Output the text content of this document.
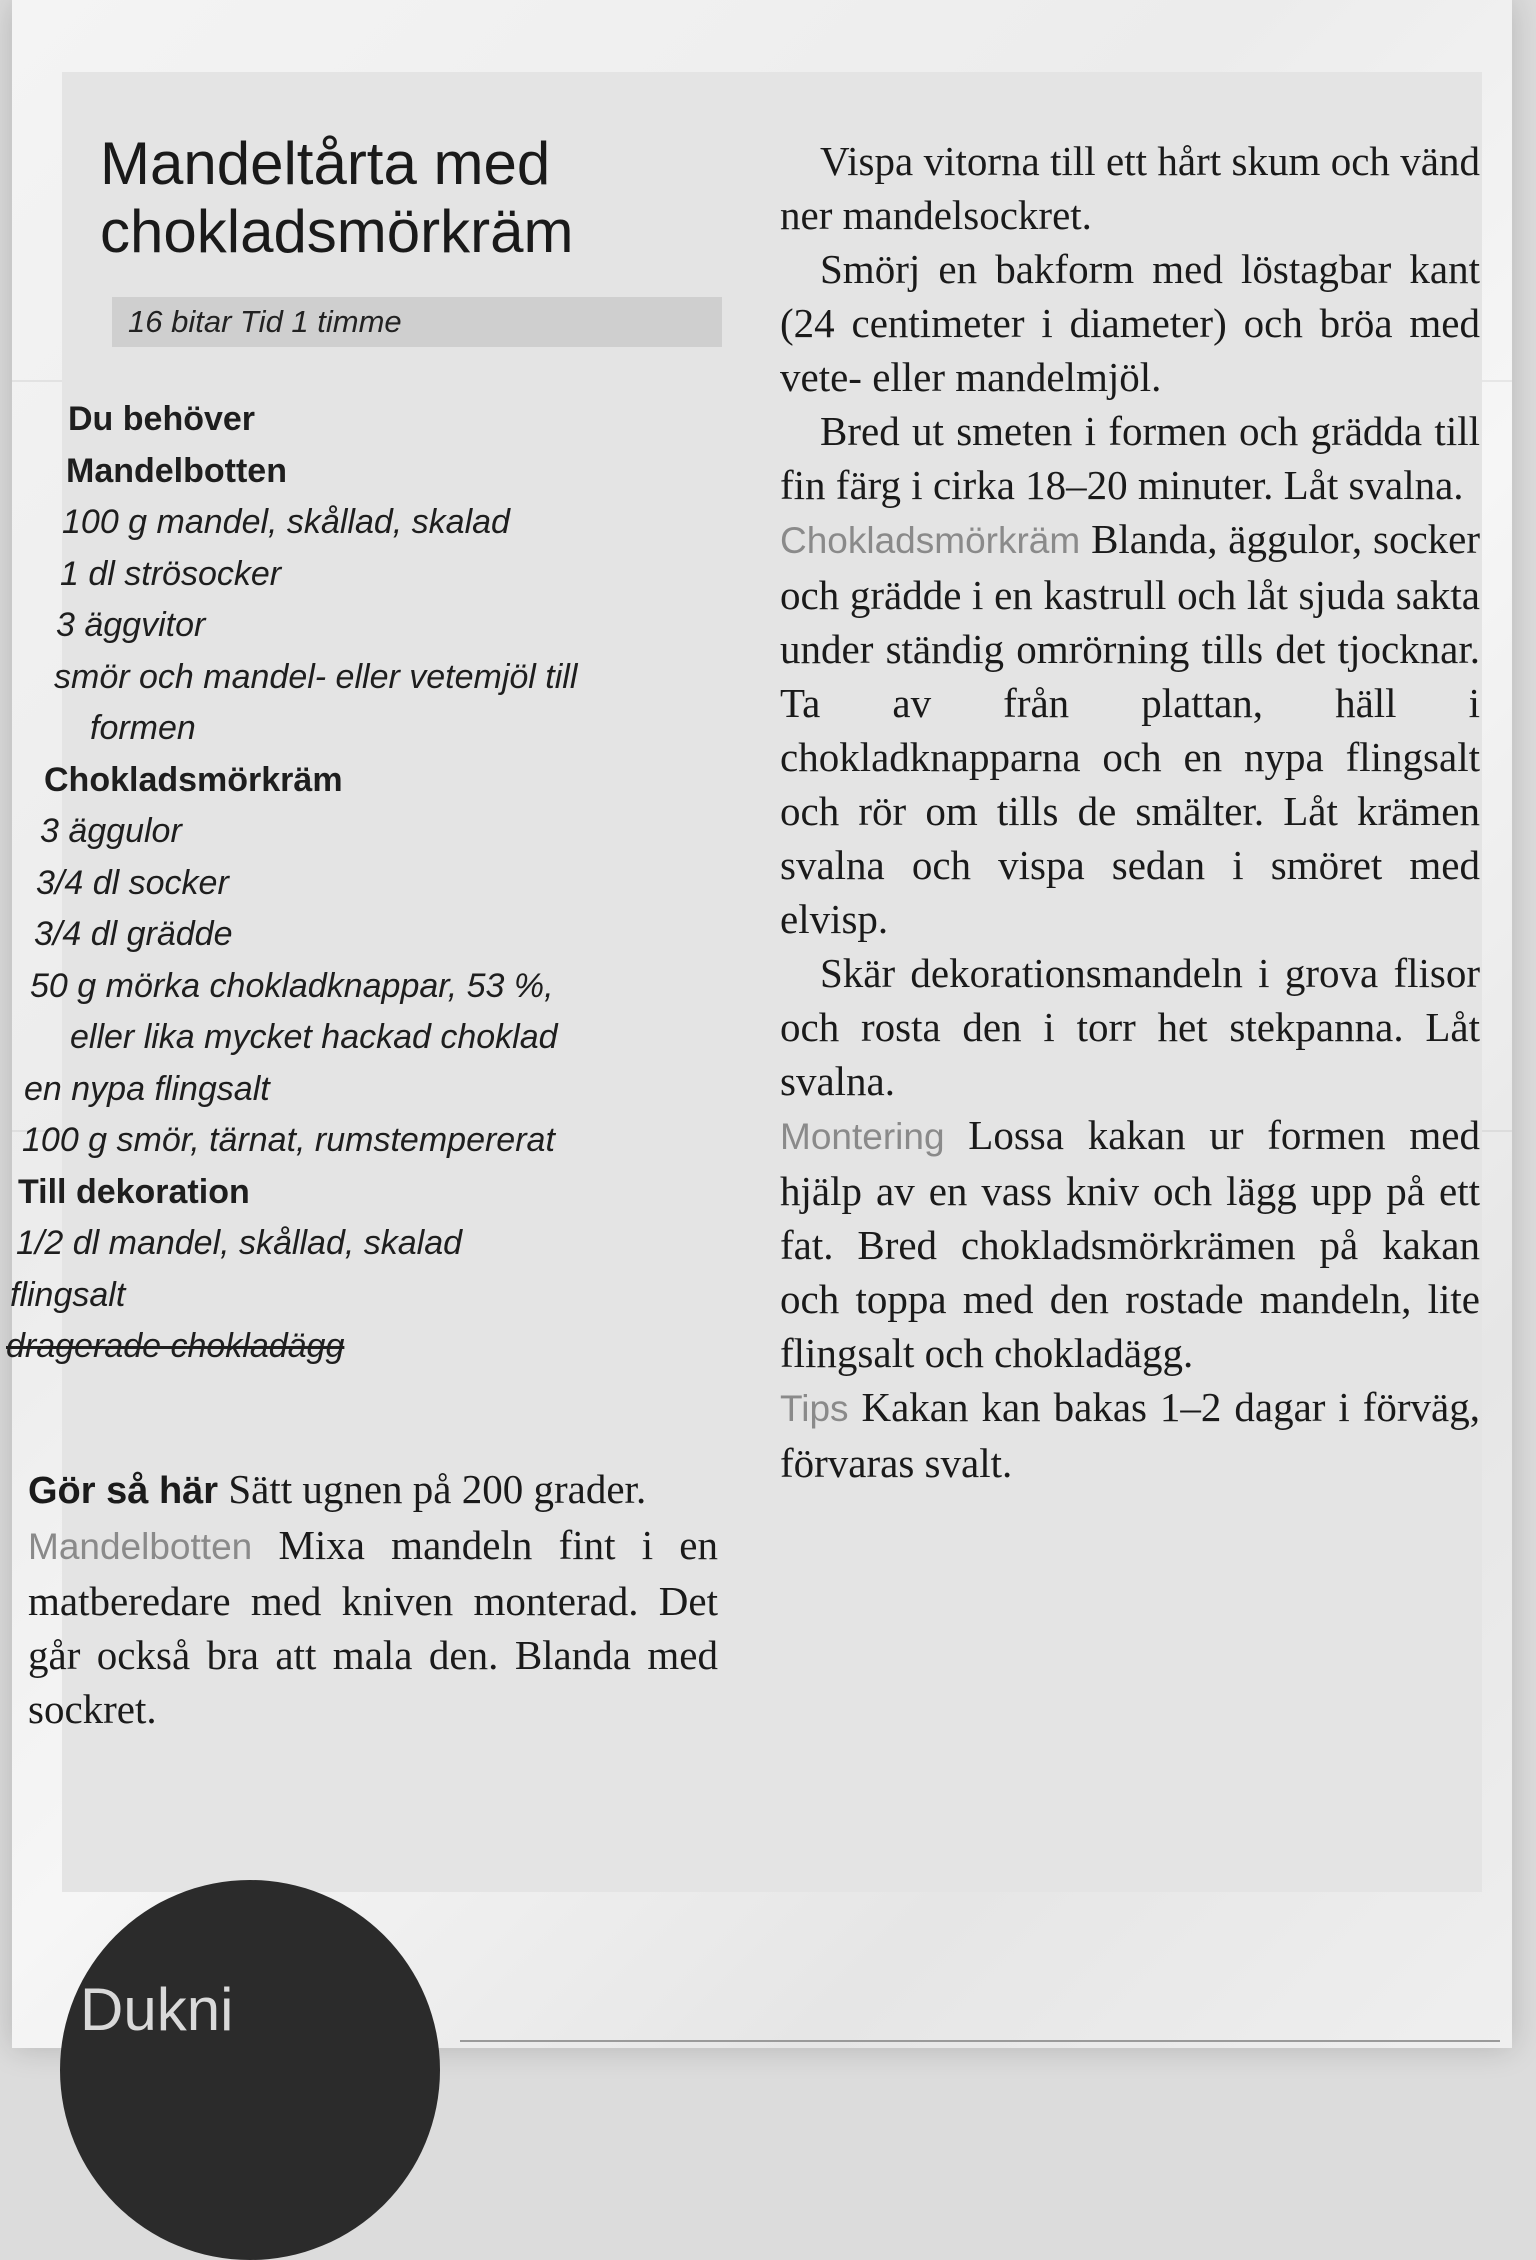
Mandeltårta med
chokladsmörkräm
16 bitar Tid 1 timme
Du behöver
Mandelbotten
100 g mandel, skållad, skalad
1 dl strösocker
3 äggvitor
smör och mandel- eller vetemjöl till
formen
Chokladsmörkräm
3 äggulor
3/4 dl socker
3/4 dl grädde
50 g mörka chokladknappar, 53 %,
eller lika mycket hackad choklad
en nypa flingsalt
100 g smör, tärnat, rumstempererat
Till dekoration
1/2 dl mandel, skållad, skalad
flingsalt
dragerade chokladägg

Gör så här Sätt ugnen på 200 grader.

Mandelbotten Mixa mandeln fint i en matberedare med kniven monterad. Det går också bra att mala den. Blanda med sockret.

Vispa vitorna till ett hårt skum och vänd ner mandelsockret.

Smörj en bakform med löstagbar kant (24 centimeter i diameter) och bröa med vete- eller mandelmjöl.

Bred ut smeten i formen och grädda till fin färg i cirka 18–20 minuter. Låt svalna.

Chokladsmörkräm Blanda, äggulor, socker och grädde i en kastrull och låt sjuda sakta under ständig omrörning tills det tjocknar. Ta av från plattan, häll i chokladknapparna och en nypa flingsalt och rör om tills de smälter. Låt krämen svalna och vispa sedan i smöret med elvisp.

Skär dekorationsmandeln i grova flisor och rosta den i torr het stekpanna. Låt svalna.

Montering Lossa kakan ur formen med hjälp av en vass kniv och lägg upp på ett fat. Bred chokladsmörkrämen på kakan och toppa med den rostade mandeln, lite flingsalt och chokladägg.

Tips Kakan kan bakas 1–2 dagar i förväg, förvaras svalt.

Dukni
